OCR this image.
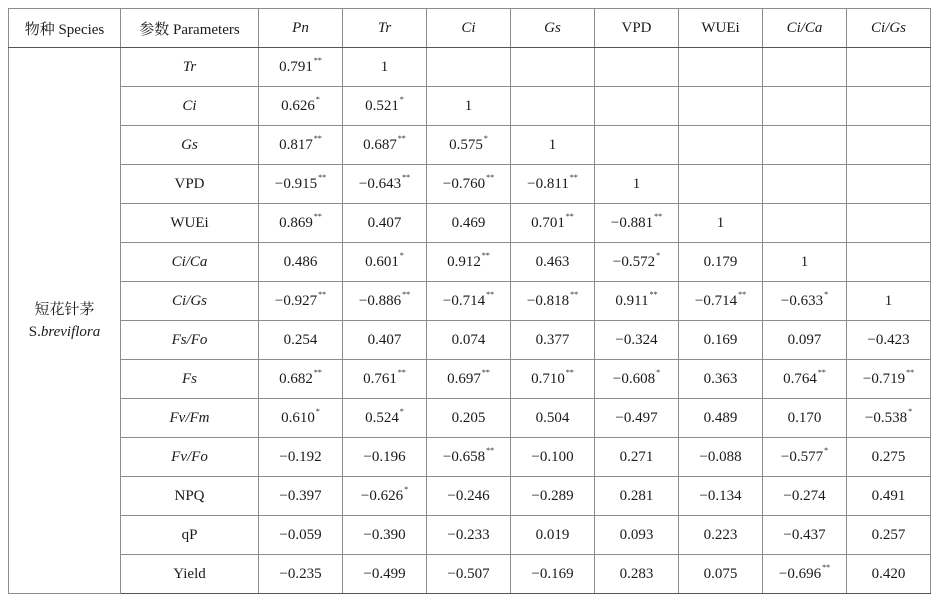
物种 Species	参数 Parameters	Pn	Tr	Ci	Gs	VPD	WUEi	Ci/Ca	Ci/Gs

短花针茅
S.breviflora	Tr	0.791**	1						
	Ci	0.626*	0.521*	1					
	Gs	0.817**	0.687**	0.575*	1				
	VPD	−0.915**	−0.643**	−0.760**	−0.811**	1			
	WUEi	0.869**	0.407	0.469	0.701**	−0.881**	1		
	Ci/Ca	0.486	0.601*	0.912**	0.463	−0.572*	0.179	1	
	Ci/Gs	−0.927**	−0.886**	−0.714**	−0.818**	0.911**	−0.714**	−0.633*	1
	Fs/Fo	0.254	0.407	0.074	0.377	−0.324	0.169	0.097	−0.423
	Fs	0.682**	0.761**	0.697**	0.710**	−0.608*	0.363	0.764**	−0.719**
	Fv/Fm	0.610*	0.524*	0.205	0.504	−0.497	0.489	0.170	−0.538*
	Fv/Fo	−0.192	−0.196	−0.658**	−0.100	0.271	−0.088	−0.577*	0.275
	NPQ	−0.397	−0.626*	−0.246	−0.289	0.281	−0.134	−0.274	0.491
	qP	−0.059	−0.390	−0.233	0.019	0.093	0.223	−0.437	0.257
	Yield	−0.235	−0.499	−0.507	−0.169	0.283	0.075	−0.696**	0.420
